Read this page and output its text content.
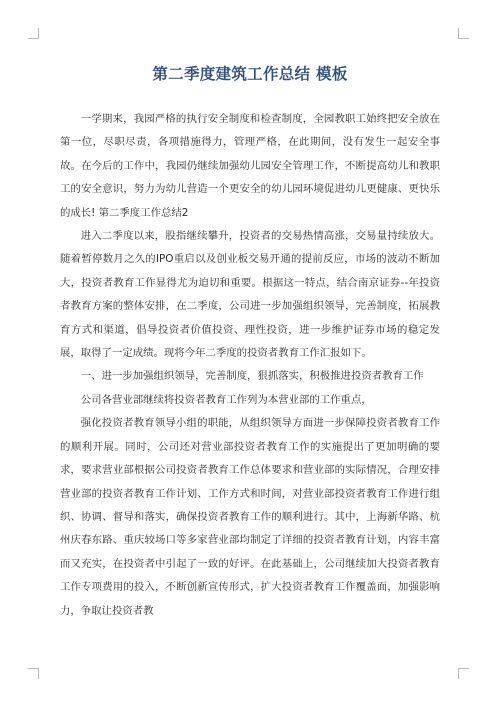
第二季度建筑工作总结 模板

一学期来，我园严格的执行安全制度和检查制度，全园教职工始终把安全放在第一位，尽职尽责，各项措施得力，管理严格，在此期间，没有发生一起安全事故。在今后的工作中，我园仍继续加强幼儿园安全管理工作，不断提高幼儿和教职工的安全意识，努力为幼儿营造一个更安全的幼儿园环境促进幼儿更健康、更快乐的成长! 第二季度工作总结2

进入二季度以来，股指继续攀升，投资者的交易热情高涨，交易量持续放大。随着暂停数月之久的IPO重启以及创业板交易开通的提前反应，市场的波动不断加大，投资者教育工作显得尤为迫切和重要。根据这一特点，结合南京证券--年投资者教育方案的整体安排，在二季度，公司进一步加强组织领导，完善制度，拓展教育方式和渠道，倡导投资者价值投资、理性投资，进一步维护证券市场的稳定发展，取得了一定成绩。现将今年二季度的投资者教育工作汇报如下。

一、进一步加强组织领导，完善制度，狠抓落实，积极推进投资者教育工作

公司各营业部继续将投资者教育工作列为本营业部的工作重点，

强化投资者教育领导小组的职能，从组织领导方面进一步保障投资者教育工作的顺利开展。同时，公司还对营业部投资者教育工作的实施提出了更加明确的要求，要求营业部根据公司投资者教育工作总体要求和营业部的实际情况，合理安排营业部的投资者教育工作计划、工作方式和时间，对营业部投资者教育工作进行组织、协调、督导和落实，确保投资者教育工作的顺利进行。其中，上海新华路、杭州庆春东路、重庆较场口等多家营业部均制定了详细的投资者教育计划，内容丰富而又充实，在投资者中引起了一致的好评。在此基础上，公司继续加大投资者教育工作专项费用的投入，不断创新宣传形式，扩大投资者教育工作覆盖面，加强影响力，争取让投资者教
